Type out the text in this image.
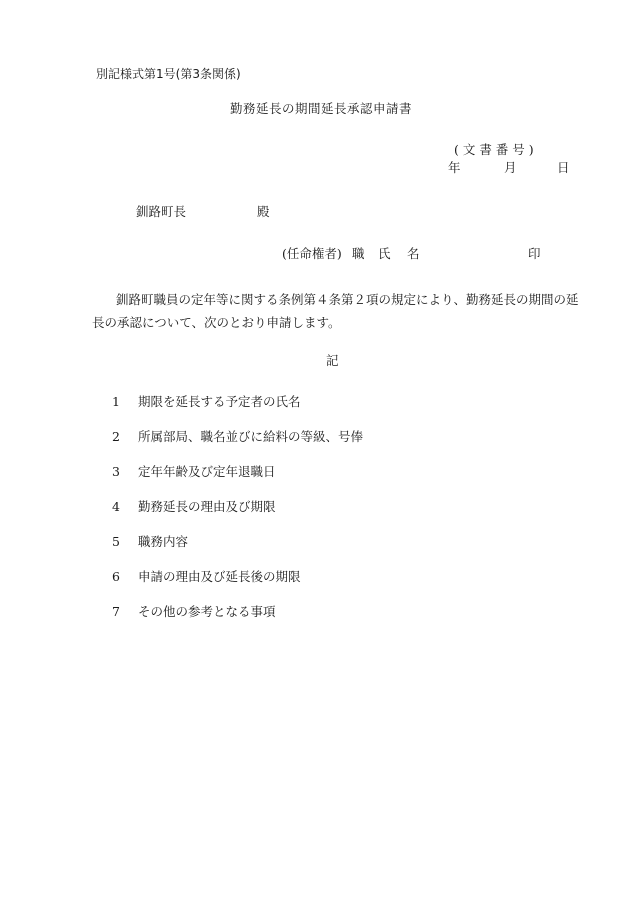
別記様式第1号(第3条関係)
勤務延長の期間延長承認申請書
( 文 書 番 号 )
年	月	日
釧路町長	殿
(任命権者) 職 氏 名	印
釧路町職員の定年等に関する条例第４条第２項の規定により、勤務延長の期間の延長の承認について、次のとおり申請します。
記
1 期限を延長する予定者の氏名
2 所属部局、職名並びに給料の等級、号俸
3 定年年齢及び定年退職日
4 勤務延長の理由及び期限
5 職務内容
6 申請の理由及び延長後の期限
7 その他の参考となる事項
